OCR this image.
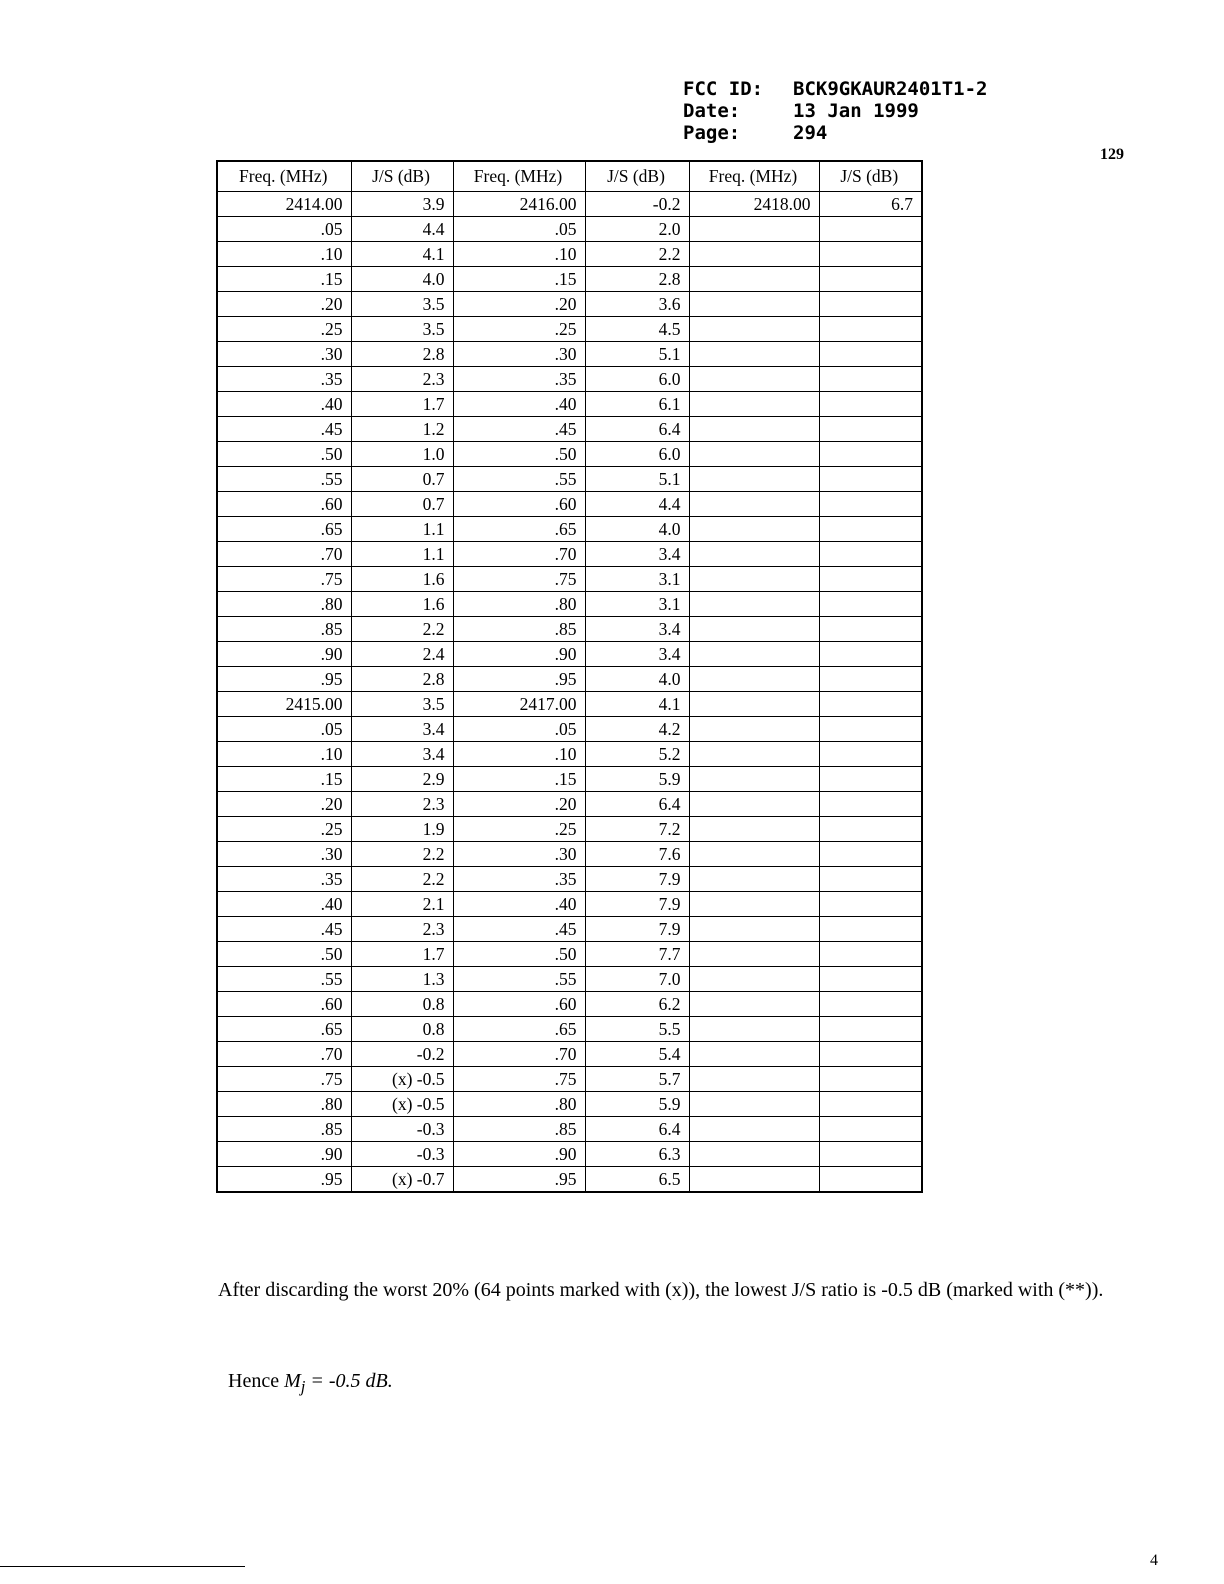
FCC ID:	BCK9GKAUR2401T1-2
Date:	13 Jan 1999
Page:	294
129
Freq. (MHz)	J/S (dB)	Freq. (MHz)	J/S (dB)	Freq. (MHz)	J/S (dB)
2414.00	3.9	2416.00	-0.2	2418.00	6.7
.05	4.4	.05	2.0		
.10	4.1	.10	2.2		
.15	4.0	.15	2.8		
.20	3.5	.20	3.6		
.25	3.5	.25	4.5		
.30	2.8	.30	5.1		
.35	2.3	.35	6.0		
.40	1.7	.40	6.1		
.45	1.2	.45	6.4		
.50	1.0	.50	6.0		
.55	0.7	.55	5.1		
.60	0.7	.60	4.4		
.65	1.1	.65	4.0		
.70	1.1	.70	3.4		
.75	1.6	.75	3.1		
.80	1.6	.80	3.1		
.85	2.2	.85	3.4		
.90	2.4	.90	3.4		
.95	2.8	.95	4.0		
2415.00	3.5	2417.00	4.1		
.05	3.4	.05	4.2		
.10	3.4	.10	5.2		
.15	2.9	.15	5.9		
.20	2.3	.20	6.4		
.25	1.9	.25	7.2		
.30	2.2	.30	7.6		
.35	2.2	.35	7.9		
.40	2.1	.40	7.9		
.45	2.3	.45	7.9		
.50	1.7	.50	7.7		
.55	1.3	.55	7.0		
.60	0.8	.60	6.2		
.65	0.8	.65	5.5		
.70	-0.2	.70	5.4		
.75	(x) -0.5	.75	5.7		
.80	(x) -0.5	.80	5.9		
.85	-0.3	.85	6.4		
.90	-0.3	.90	6.3		
.95	(x) -0.7	.95	6.5		
After discarding the worst 20% (64 points marked with (x)), the lowest J/S ratio is -0.5 dB (marked with (**)).
Hence $M_j = -0.5$ dB.
4
